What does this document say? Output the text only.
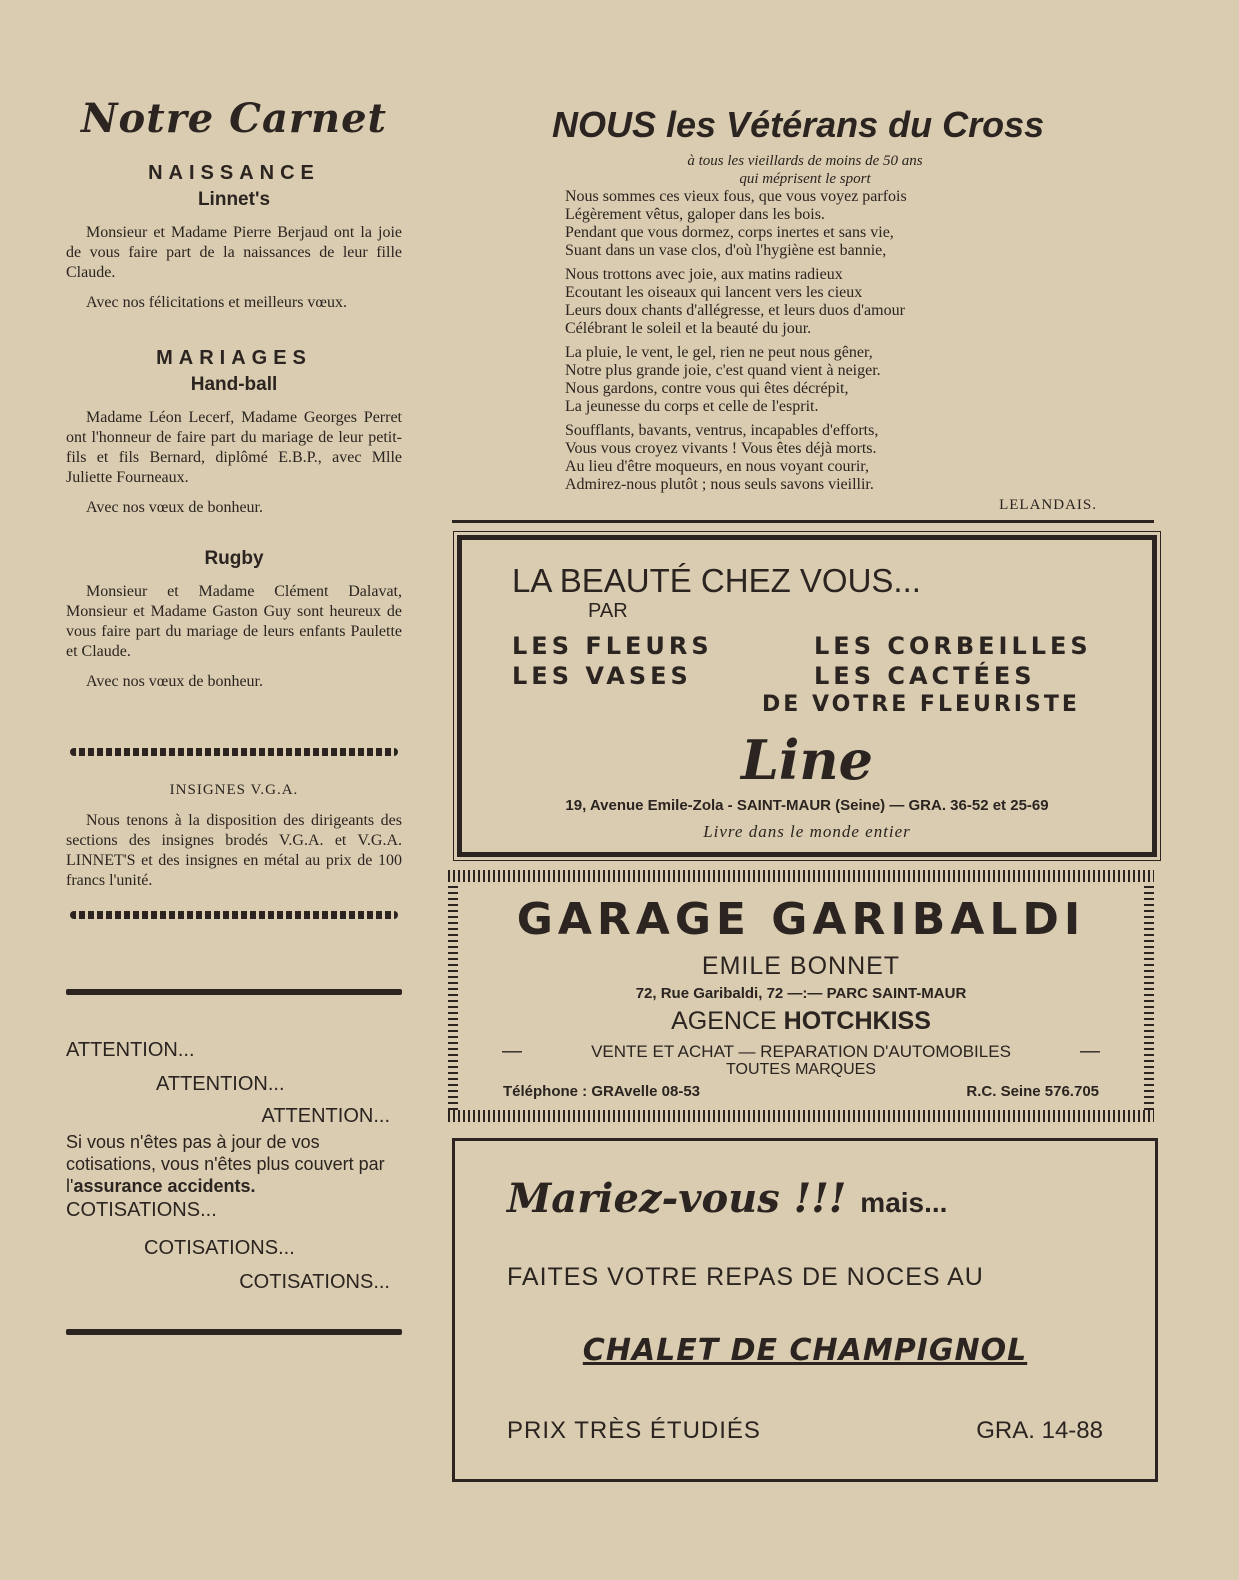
Notre Carnet
NAISSANCE
Linnet's

Monsieur et Madame Pierre Berjaud ont la joie de vous faire part de la naissances de leur fille Claude.

Avec nos félicitations et meilleurs vœux.

MARIAGES
Hand-ball

Madame Léon Lecerf, Madame Georges Perret ont l'honneur de faire part du mariage de leur petit-fils et fils Bernard, diplômé E.B.P., avec Mlle Juliette Fourneaux.

Avec nos vœux de bonheur.

Rugby

Monsieur et Madame Clément Dalavat, Monsieur et Madame Gaston Guy sont heureux de vous faire part du mariage de leurs enfants Paulette et Claude.

Avec nos vœux de bonheur.

INSIGNES V.G.A.

Nous tenons à la disposition des dirigeants des sections des insignes brodés V.G.A. et V.G.A. LINNET'S et des insignes en métal au prix de 100 francs l'unité.

ATTENTION...

ATTENTION...

ATTENTION...

Si vous n'êtes pas à jour de vos cotisations, vous n'êtes plus couvert par l'assurance accidents.

COTISATIONS...

COTISATIONS...

COTISATIONS...

NOUS les Vétérans du Cross
à tous les vieillards de moins de 50 ans
qui méprisent le sport
Nous sommes ces vieux fous, que vous voyez parfois
Légèrement vêtus, galoper dans les bois.
Pendant que vous dormez, corps inertes et sans vie,
Suant dans un vase clos, d'où l'hygiène est bannie,
Nous trottons avec joie, aux matins radieux
Ecoutant les oiseaux qui lancent vers les cieux
Leurs doux chants d'allégresse, et leurs duos d'amour
Célébrant le soleil et la beauté du jour.
La pluie, le vent, le gel, rien ne peut nous gêner,
Notre plus grande joie, c'est quand vient à neiger.
Nous gardons, contre vous qui êtes décrépit,
La jeunesse du corps et celle de l'esprit.
Soufflants, bavants, ventrus, incapables d'efforts,
Vous vous croyez vivants ! Vous êtes déjà morts.
Au lieu d'être moqueurs, en nous voyant courir,
Admirez-nous plutôt ; nous seuls savons vieillir.
LELANDAIS.
LA BEAUTÉ CHEZ VOUS...
PAR
LES FLEURS	LES CORBEILLES
LES VASES	LES CACTÉES
DE VOTRE FLEURISTE
Line
19, Avenue Emile-Zola - SAINT-MAUR (Seine) — GRA. 36-52 et 25-69
Livre dans le monde entier
GARAGE GARIBALDI
EMILE BONNET
72, Rue Garibaldi, 72 —:— PARC SAINT-MAUR
AGENCE HOTCHKISS
—	VENTE ET ACHAT — REPARATION D'AUTOMOBILES	—
TOUTES MARQUES
Téléphone : GRAvelle 08-53	R.C. Seine 576.705
Mariez-vous !!! mais...
FAITES VOTRE REPAS DE NOCES AU
CHALET DE CHAMPIGNOL
PRIX TRÈS ÉTUDIÉS	GRA. 14-88
